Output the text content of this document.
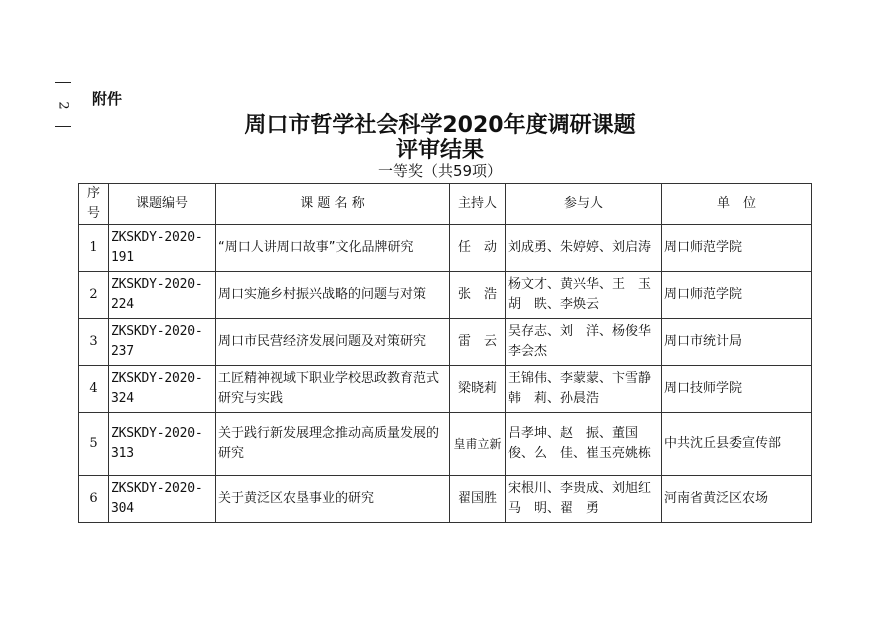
2 附件
周口市哲学社会科学2020年度调研课题
评审结果
一等奖（共59项）
序号	课题编号	课 题 名 称	主持人	参与人	单　位
1	ZKSKDY-2020-191	“周口人讲周口故事”文化品牌研究	任　动	刘成勇、朱婷婷、刘启涛	周口师范学院
2	ZKSKDY-2020-224	周口实施乡村振兴战略的问题与对策	张　浩	杨文才、黄兴华、王　玉胡　眣、李焕云	周口师范学院
3	ZKSKDY-2020-237	周口市民营经济发展问题及对策研究	雷　云	吴存志、刘　洋、杨俊华李会杰	周口市统计局
4	ZKSKDY-2020-324	工匠精神视域下职业学校思政教育范式研究与实践	梁晓莉	王锦伟、李蒙蒙、卞雪静韩　莉、孙晨浩	周口技师学院
5	ZKSKDY-2020-313	关于践行新发展理念推动高质量发展的研究	皇甫立新	吕孝坤、赵　振、董国俊、么　佳、崔玉亮姚栋	中共沈丘县委宣传部
6	ZKSKDY-2020-304	关于黄泛区农垦事业的研究	翟国胜	宋根川、李贵成、刘旭红马　明、翟　勇	河南省黄泛区农场
